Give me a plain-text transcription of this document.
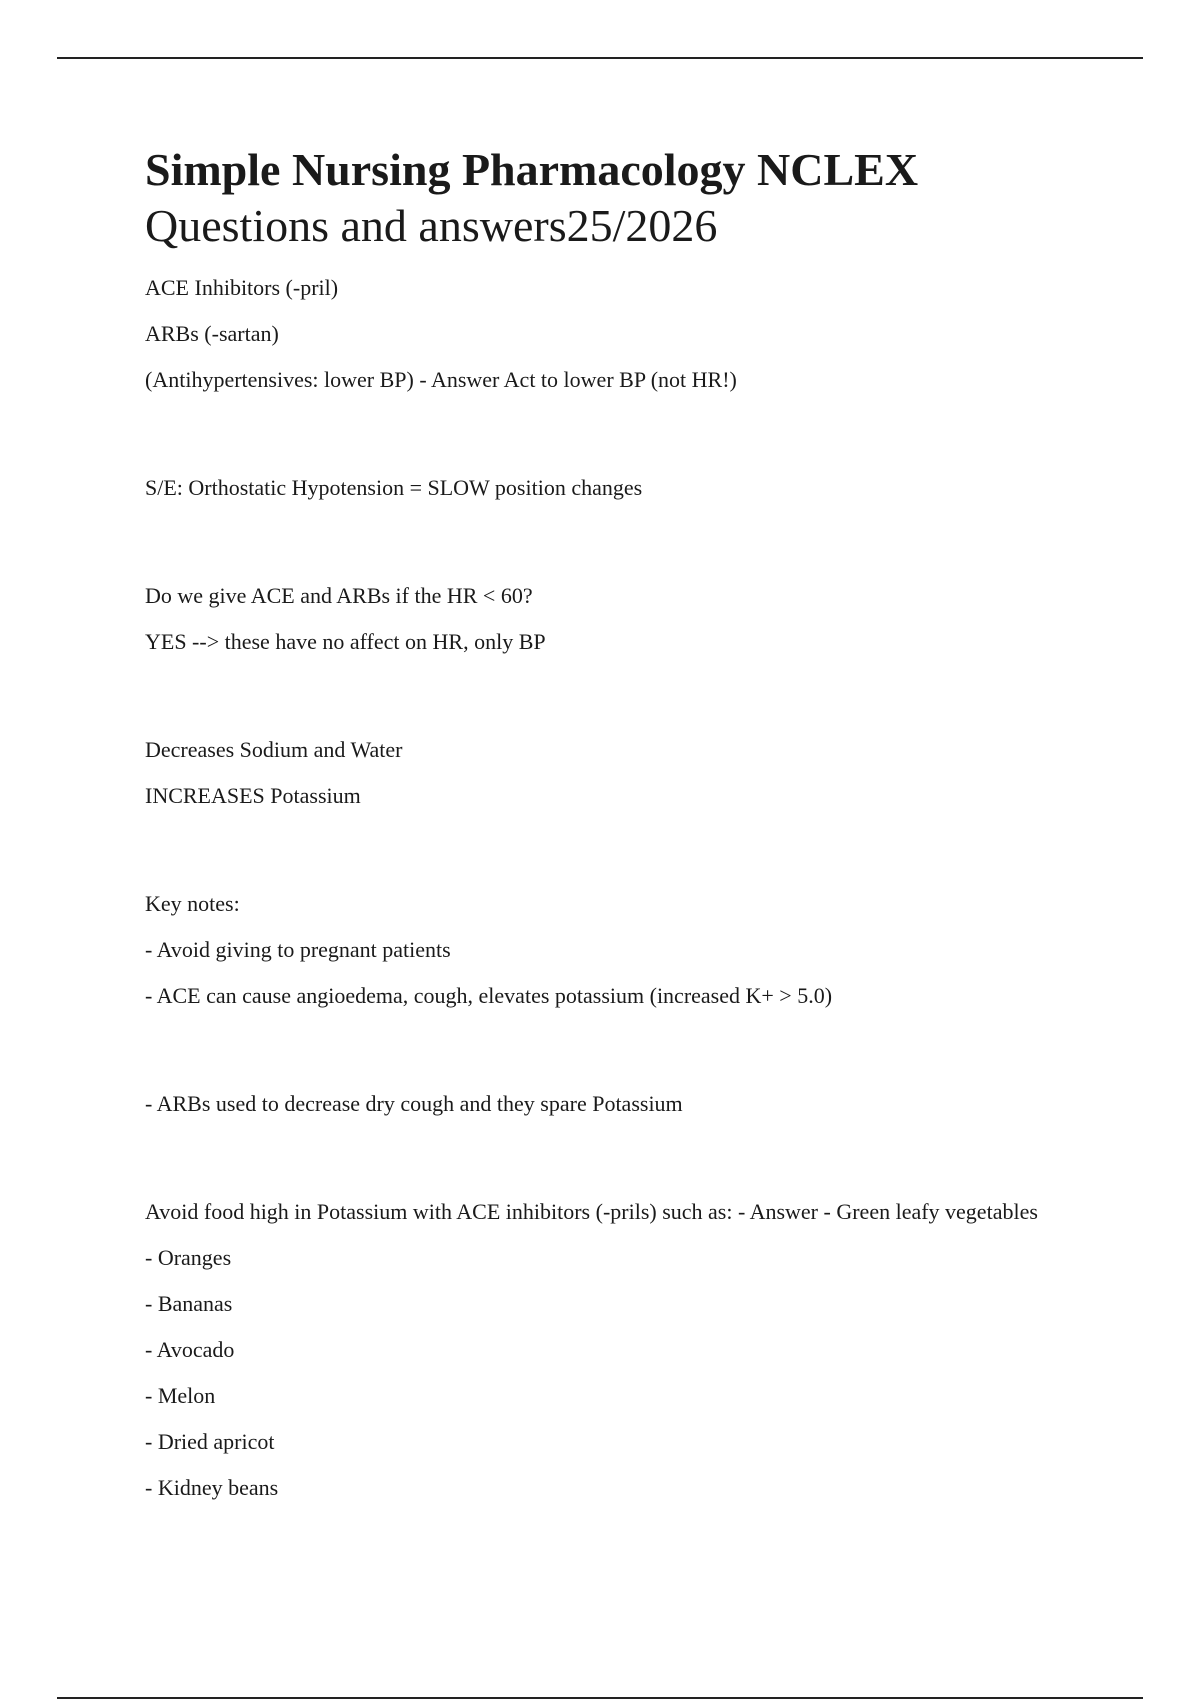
Simple Nursing Pharmacology NCLEX
Questions and answers25/2026

ACE Inhibitors (-pril)

ARBs (-sartan)

(Antihypertensives: lower BP) - Answer Act to lower BP (not HR!)

S/E: Orthostatic Hypotension = SLOW position changes

Do we give ACE and ARBs if the HR < 60?

YES --> these have no affect on HR, only BP

Decreases Sodium and Water

INCREASES Potassium

Key notes:

- Avoid giving to pregnant patients

- ACE can cause angioedema, cough, elevates potassium (increased K+ > 5.0)

- ARBs used to decrease dry cough and they spare Potassium

Avoid food high in Potassium with ACE inhibitors (-prils) such as: - Answer - Green leafy vegetables

- Oranges

- Bananas

- Avocado

- Melon

- Dried apricot

- Kidney beans
